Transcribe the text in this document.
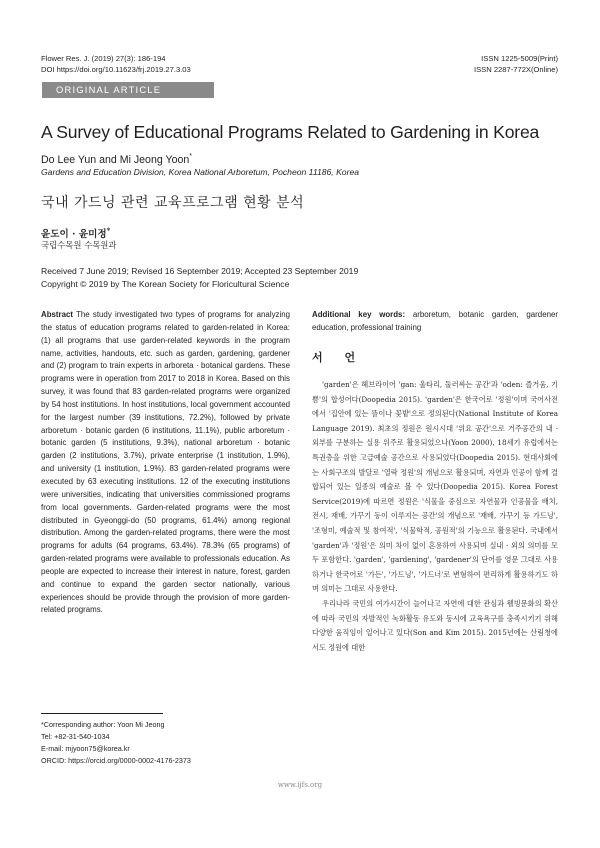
Flower Res. J. (2019) 27(3): 186-194
DOI https://doi.org/10.11623/frj.2019.27.3.03
ISSN 1225-5009(Print)
ISSN 2287-772X(Online)
ORIGINAL ARTICLE
A Survey of Educational Programs Related to Gardening in Korea
Do Lee Yun and Mi Jeong Yoon*
Gardens and Education Division, Korea National Arboretum, Pocheon 11186, Korea
국내 가드닝 관련 교육프로그램 현황 분석
윤도이 · 윤미정*
국립수목원 수목원과
Received 7 June 2019; Revised 16 September 2019; Accepted 23 September 2019
Copyright © 2019 by The Korean Society for Floricultural Science
Abstract The study investigated two types of programs for analyzing the status of education programs related to garden-related in Korea: (1) all programs that use garden-related keywords in the program name, activities, handouts, etc. such as garden, gardening, gardener and (2) program to train experts in arboreta · botanical gardens. These programs were in operation from 2017 to 2018 in Korea. Based on this survey, it was found that 83 garden-related programs were organized by 54 host institutions. In host institutions, local government accounted for the largest number (39 institutions, 72.2%), followed by private arboretum · botanic garden (6 institutions, 11.1%), public arboretum · botanic garden (5 institutions, 9.3%), national arboretum · botanic garden (2 institutions, 3.7%), private enterprise (1 institution, 1.9%), and university (1 institution, 1.9%). 83 garden-related programs were executed by 63 executing institutions. 12 of the executing institutions were universities, indicating that universities commissioned programs from local governments. Garden-related programs were the most distributed in Gyeonggi-do (50 programs, 61.4%) among regional distribution. Among the garden-related programs, there were the most programs for adults (64 programs, 63.4%). 78.3% (65 programs) of garden-related programs were available to professionals education. As people are expected to increase their interest in nature, forest, garden and continue to expand the garden sector nationally, various experiences should be provide through the provision of more garden-related programs.
Additional key words: arboretum, botanic garden, gardener education, professional training
서 언

'garden'은 헤브라이어 'gan: 울타리, 둘러싸는 공간'과 'oden: 즐거움, 기쁨'의 합성어다(Doopedia 2015). 'garden'은 한국어로 '정원'이며 국어사전에서 '집안에 있는 뜰이나 꽃밭'으로 정의된다(National Institute of Korea Language 2019). 최초의 정원은 원시시대 '위요 공간'으로 거주공간의 내 · 외부를 구분하는 실용 위주로 활용되었으나(Yoon 2000), 18세기 유럽에서는 특권층을 위한 고급예술 공간으로 사용되었다(Doopedia 2015). 현대사회에는 사회구조의 발달로 '열락 정원'의 개념으로 활용되며, 자연과 인공이 함께 결합되어 있는 일종의 예술로 볼 수 있다(Doopedia 2015). Korea Forest Service(2019)에 따르면 정원은 '식물을 중심으로 자연물과 인공물을 배치, 전시, 재배, 가꾸기 등이 이루지는 공간'의 개념으로 '재배, 가꾸기 등 가드닝', '조형미, 예술적 및 참여적', '식물학적, 공원적'의 기능으로 활용된다. 국내에서 'garden'과 '정원'은 의미 차이 없이 혼용하여 사용되며 실내 · 외의 의미를 모두 포함한다. 'garden', 'gardening', 'gardener'의 단어를 영문 그대로 사용하거나 한국어로 '가든', '가드닝', '가드너'로 변형하여 편리하게 활용하기도 하며 의미는 그대로 사용한다.

우리나라 국민의 여가시간이 늘어나고 자연에 대한 관심과 웰빙문화의 확산에 따라 국민의 자발적인 녹화활동 유도와 동시에 교육욕구를 충족시키기 위해 다양한 움직임이 일어나고 있다(Son and Kim 2015). 2015년에는 산림청에서도 정원에 대한

*Corresponding author: Yoon Mi Jeong
Tel: +82-31-540-1034
E-mail: mjyoon75@korea.kr
ORCID: https://orcid.org/0000-0002-4176-2373
www.ijfs.org
